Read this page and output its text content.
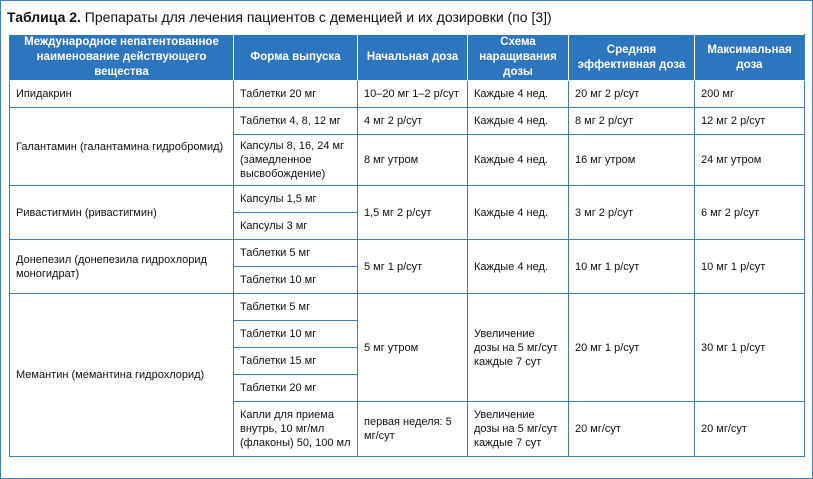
Таблица 2. Препараты для лечения пациентов с деменцией и их дозировки (по [3])
Международное непатентованное наименование действующего вещества	Форма выпуска	Начальная доза	Схема наращивания дозы	Средняя эффективная доза	Максимальная доза
Ипидакрин	Таблетки 20 мг	10–20 мг 1–2 р/сут	Каждые 4 нед.	20 мг 2 р/сут	200 мг
Галантамин (галантамина гидробромид)	Таблетки 4, 8, 12 мг	4 мг 2 р/сут	Каждые 4 нед.	8 мг 2 р/сут	12 мг 2 р/сут
	Капсулы 8, 16, 24 мг (замедленное высвобождение)	8 мг утром	Каждые 4 нед.	16 мг утром	24 мг утром
Ривастигмин (ривастигмин)	Капсулы 1,5 мг	1,5 мг 2 р/сут	Каждые 4 нед.	3 мг 2 р/сут	6 мг 2 р/сут
	Капсулы 3 мг				
Донепезил (донепезила гидрохлорид моногидрат)	Таблетки 5 мг	5 мг 1 р/сут	Каждые 4 нед.	10 мг 1 р/сут	10 мг 1 р/сут
	Таблетки 10 мг				
Мемантин (мемантина гидрохлорид)	Таблетки 5 мг	5 мг утром	Увеличение дозы на 5 мг/сут каждые 7 сут	20 мг 1 р/сут	30 мг 1 р/сут
	Таблетки 10 мг				
	Таблетки 15 мг				
	Таблетки 20 мг				
	Капли для приема внутрь, 10 мг/мл (флаконы) 50, 100 мл	первая неделя: 5 мг/сут	Увеличение дозы на 5 мг/сут каждые 7 сут	20 мг/сут	20 мг/сут
